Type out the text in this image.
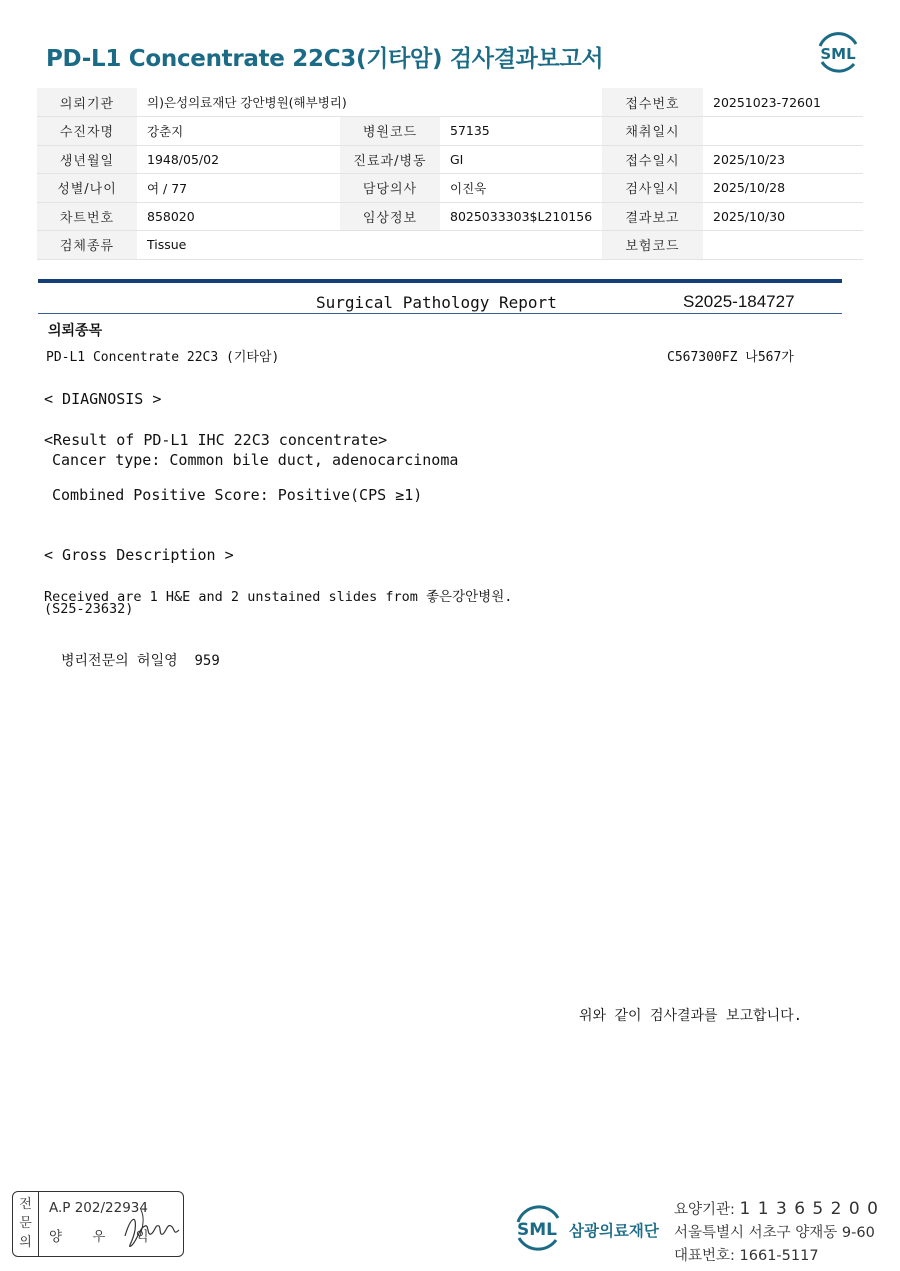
PD-L1 Concentrate 22C3(기타암) 검사결과보고서	SML
의뢰기관	의)은성의료재단 강안병원(해부병리)			접수번호	20251023-72601
수진자명	강춘지	병원코드	57135	채취일시	
생년월일	1948/05/02	진료과/병동	GI	접수일시	2025/10/23
성별/나이	여 / 77	담당의사	이진욱	검사일시	2025/10/28
차트번호	858020	임상정보	8025033303$L210156	결과보고	2025/10/30
검체종류	Tissue			보험코드	
Surgical Pathology Report	S2025-184727
의뢰종목
PD-L1 Concentrate 22C3 (기타암)	C567300FZ 나567가
< DIAGNOSIS >
<Result of PD-L1 IHC 22C3 concentrate>
Cancer type: Common bile duct, adenocarcinoma
Combined Positive Score: Positive(CPS ≥1)
< Gross Description >
Received are 1 H&E and 2 unstained slides from 좋은강안병원.
(S25-23632)
병리전문의 허일영  959
위와 같이 검사결과를 보고합니다.
전
문
의
A.P 202/22934
양 우 익	SML 삼광의료재단
요양기관: 1 1 3 6 5 2 0 0
서울특별시 서초구 양재동 9-60
대표번호: 1661-5117
